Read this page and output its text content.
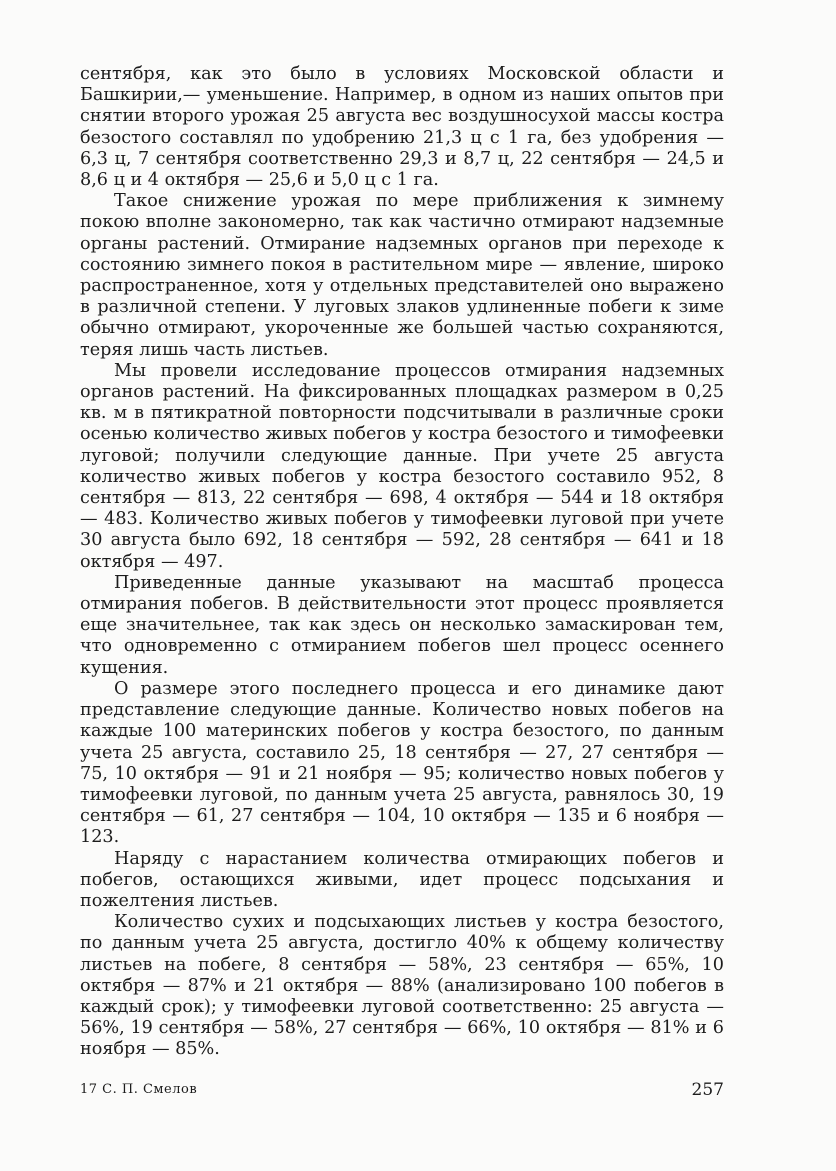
сентября, как это было в условиях Московской области и Башкирии,— уменьшение. Например, в одном из наших опытов при снятии второго урожая 25 августа вес воздушносухой массы костра безостого составлял по удобрению 21,3 ц с 1 га, без удобрения — 6,3 ц, 7 сентября соответственно 29,3 и 8,7 ц, 22 сентября — 24,5 и 8,6 ц и 4 октября — 25,6 и 5,0 ц с 1 га.

Такое снижение урожая по мере приближения к зимнему покою вполне закономерно, так как частично отмирают надземные органы растений. Отмирание надземных органов при переходе к состоянию зимнего покоя в растительном мире — явление, широко распространенное, хотя у отдельных представителей оно выражено в различной степени. У луговых злаков удлиненные побеги к зиме обычно отмирают, укороченные же большей частью сохраняются, теряя лишь часть листьев.

Мы провели исследование процессов отмирания надземных органов растений. На фиксированных площадках размером в 0,25 кв. м в пятикратной повторности подсчитывали в различные сроки осенью количество живых побегов у костра безостого и тимофеевки луговой; получили следующие данные. При учете 25 августа количество живых побегов у костра безостого составило 952, 8 сентября — 813, 22 сентября — 698, 4 октября — 544 и 18 октября — 483. Количество живых побегов у тимофеевки луговой при учете 30 августа было 692, 18 сентября — 592, 28 сентября — 641 и 18 октября — 497.

Приведенные данные указывают на масштаб процесса отмирания побегов. В действительности этот процесс проявляется еще значительнее, так как здесь он несколько замаскирован тем, что одновременно с отмиранием побегов шел процесс осеннего кущения.

О размере этого последнего процесса и его динамике дают представление следующие данные. Количество новых побегов на каждые 100 материнских побегов у костра безостого, по данным учета 25 августа, составило 25, 18 сентября — 27, 27 сентября — 75, 10 октября — 91 и 21 ноября — 95; количество новых побегов у тимофеевки луговой, по данным учета 25 августа, равнялось 30, 19 сентября — 61, 27 сентября — 104, 10 октября — 135 и 6 ноября — 123.

Наряду с нарастанием количества отмирающих побегов и побегов, остающихся живыми, идет процесс подсыхания и пожелтения листьев.

Количество сухих и подсыхающих листьев у костра безостого, по данным учета 25 августа, достигло 40% к общему количеству листьев на побеге, 8 сентября — 58%, 23 сентября — 65%, 10 октября — 87% и 21 октября — 88% (анализировано 100 побегов в каждый срок); у тимофеевки луговой соответственно: 25 августа — 56%, 19 сентября — 58%, 27 сентября — 66%, 10 октября — 81% и 6 ноября — 85%.

17 С. П. Смелов	257
